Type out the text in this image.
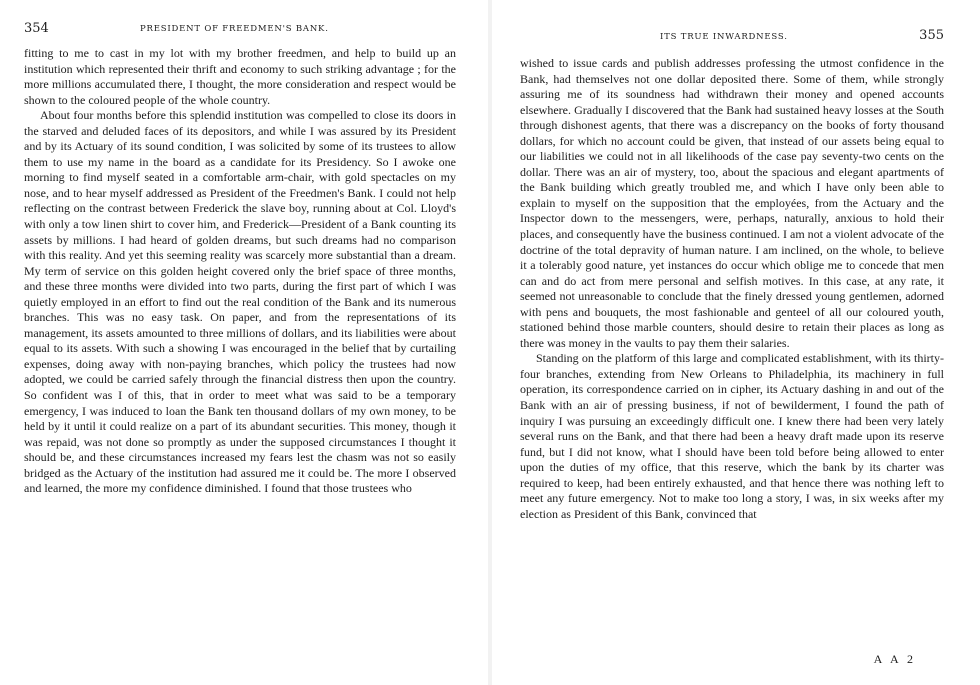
354	PRESIDENT OF FREEDMEN'S BANK.

fitting to me to cast in my lot with my brother freedmen, and help to build up an institution which represented their thrift and economy to such striking advantage ; for the more millions accumulated there, I thought, the more consideration and respect would be shown to the coloured people of the whole country.

About four months before this splendid institution was compelled to close its doors in the starved and deluded faces of its depositors, and while I was assured by its President and by its Actuary of its sound condition, I was solicited by some of its trustees to allow them to use my name in the board as a candidate for its Presidency. So I awoke one morning to find myself seated in a comfortable arm-chair, with gold spectacles on my nose, and to hear myself addressed as President of the Freedmen's Bank. I could not help reflecting on the contrast between Frederick the slave boy, running about at Col. Lloyd's with only a tow linen shirt to cover him, and Frederick—President of a Bank counting its assets by millions. I had heard of golden dreams, but such dreams had no comparison with this reality. And yet this seeming reality was scarcely more substantial than a dream. My term of service on this golden height covered only the brief space of three months, and these three months were divided into two parts, during the first part of which I was quietly employed in an effort to find out the real condition of the Bank and its numerous branches. This was no easy task. On paper, and from the representations of its management, its assets amounted to three millions of dollars, and its liabilities were about equal to its assets. With such a showing I was encouraged in the belief that by curtailing expenses, doing away with non-paying branches, which policy the trustees had now adopted, we could be carried safely through the financial distress then upon the country. So confident was I of this, that in order to meet what was said to be a temporary emergency, I was induced to loan the Bank ten thousand dollars of my own money, to be held by it until it could realize on a part of its abundant securities. This money, though it was repaid, was not done so promptly as under the supposed circumstances I thought it should be, and these circumstances increased my fears lest the chasm was not so easily bridged as the Actuary of the institution had assured me it could be. The more I observed and learned, the more my confidence diminished. I found that those trustees who

ITS TRUE INWARDNESS.	355

wished to issue cards and publish addresses professing the utmost confidence in the Bank, had themselves not one dollar deposited there. Some of them, while strongly assuring me of its soundness had withdrawn their money and opened accounts elsewhere. Gradually I discovered that the Bank had sustained heavy losses at the South through dishonest agents, that there was a discrepancy on the books of forty thousand dollars, for which no account could be given, that instead of our assets being equal to our liabilities we could not in all likelihoods of the case pay seventy-two cents on the dollar. There was an air of mystery, too, about the spacious and elegant apartments of the Bank building which greatly troubled me, and which I have only been able to explain to myself on the supposition that the employées, from the Actuary and the Inspector down to the messengers, were, perhaps, naturally, anxious to hold their places, and consequently have the business continued. I am not a violent advocate of the doctrine of the total depravity of human nature. I am inclined, on the whole, to believe it a tolerably good nature, yet instances do occur which oblige me to concede that men can and do act from mere personal and selfish motives. In this case, at any rate, it seemed not unreasonable to conclude that the finely dressed young gentlemen, adorned with pens and bouquets, the most fashionable and genteel of all our coloured youth, stationed behind those marble counters, should desire to retain their places as long as there was money in the vaults to pay them their salaries.

Standing on the platform of this large and complicated establishment, with its thirty-four branches, extending from New Orleans to Philadelphia, its machinery in full operation, its correspondence carried on in cipher, its Actuary dashing in and out of the Bank with an air of pressing business, if not of bewilderment, I found the path of inquiry I was pursuing an exceedingly difficult one. I knew there had been very lately several runs on the Bank, and that there had been a heavy draft made upon its reserve fund, but I did not know, what I should have been told before being allowed to enter upon the duties of my office, that this reserve, which the bank by its charter was required to keep, had been entirely exhausted, and that hence there was nothing left to meet any future emergency. Not to make too long a story, I was, in six weeks after my election as President of this Bank, convinced that

A A 2
